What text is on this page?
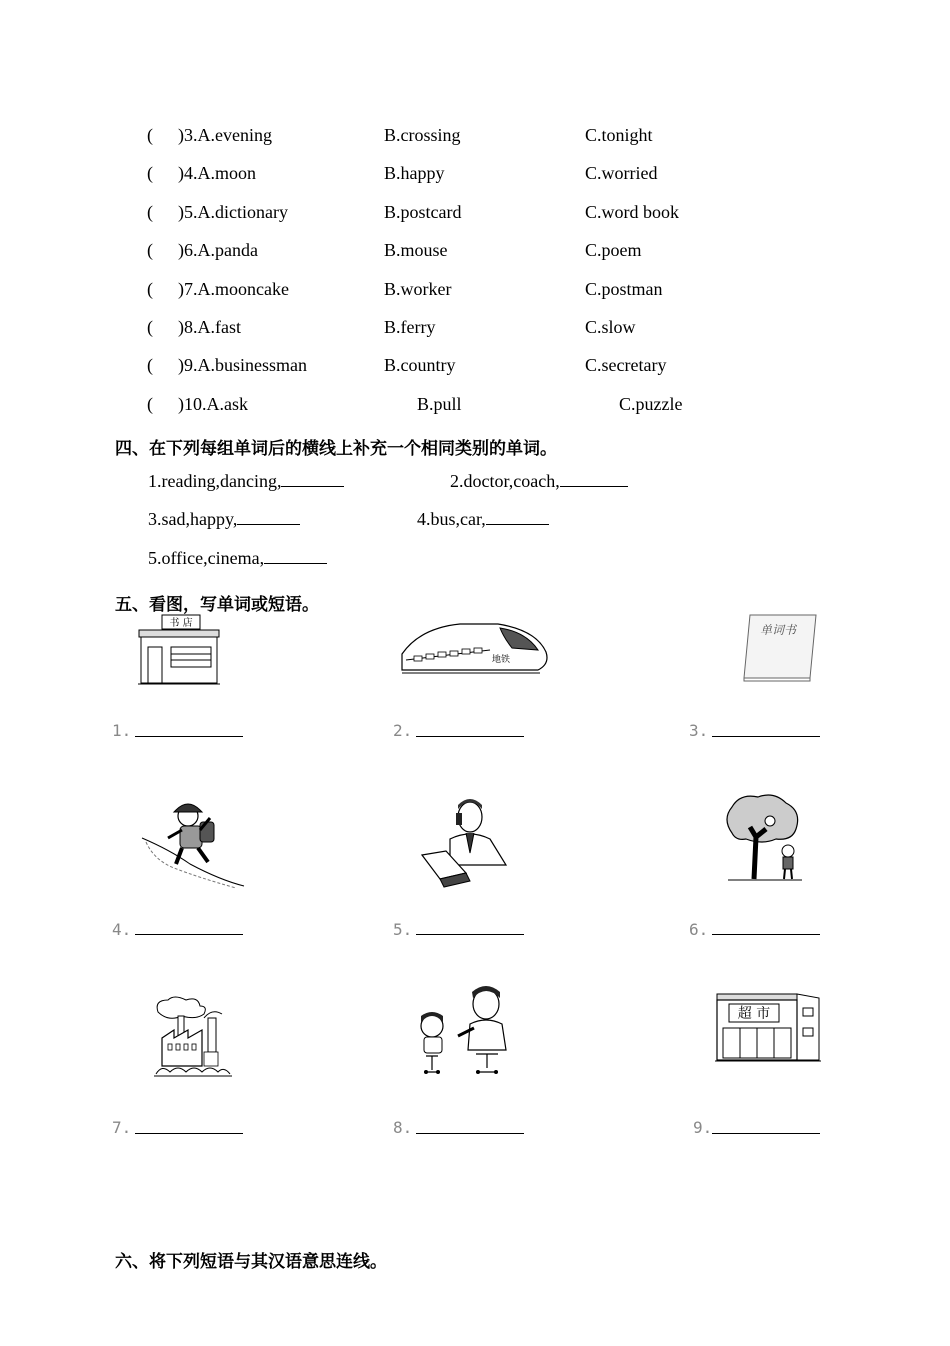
( )3.A.evening	B.crossing	C.tonight
( )4.A.moon	B.happy	C.worried
( )5.A.dictionary	B.postcard	C.word book
( )6.A.panda	B.mouse	C.poem
( )7.A.mooncake	B.worker	C.postman
( )8.A.fast	B.ferry	C.slow
( )9.A.businessman	B.country	C.secretary
( )10.A.ask	B.pull	C.puzzle
四、在下列每组单词后的横线上补充一个相同类别的单词。
1.reading,dancing,	2.doctor,coach,
3.sad,happy,	4.bus,car,
5.office,cinema,
五、看图，写单词或短语。
书 店
地铁
单词书
1.	2.	3.
4.	5.	6.
超 市
7.	8.	9.
六、将下列短语与其汉语意思连线。
